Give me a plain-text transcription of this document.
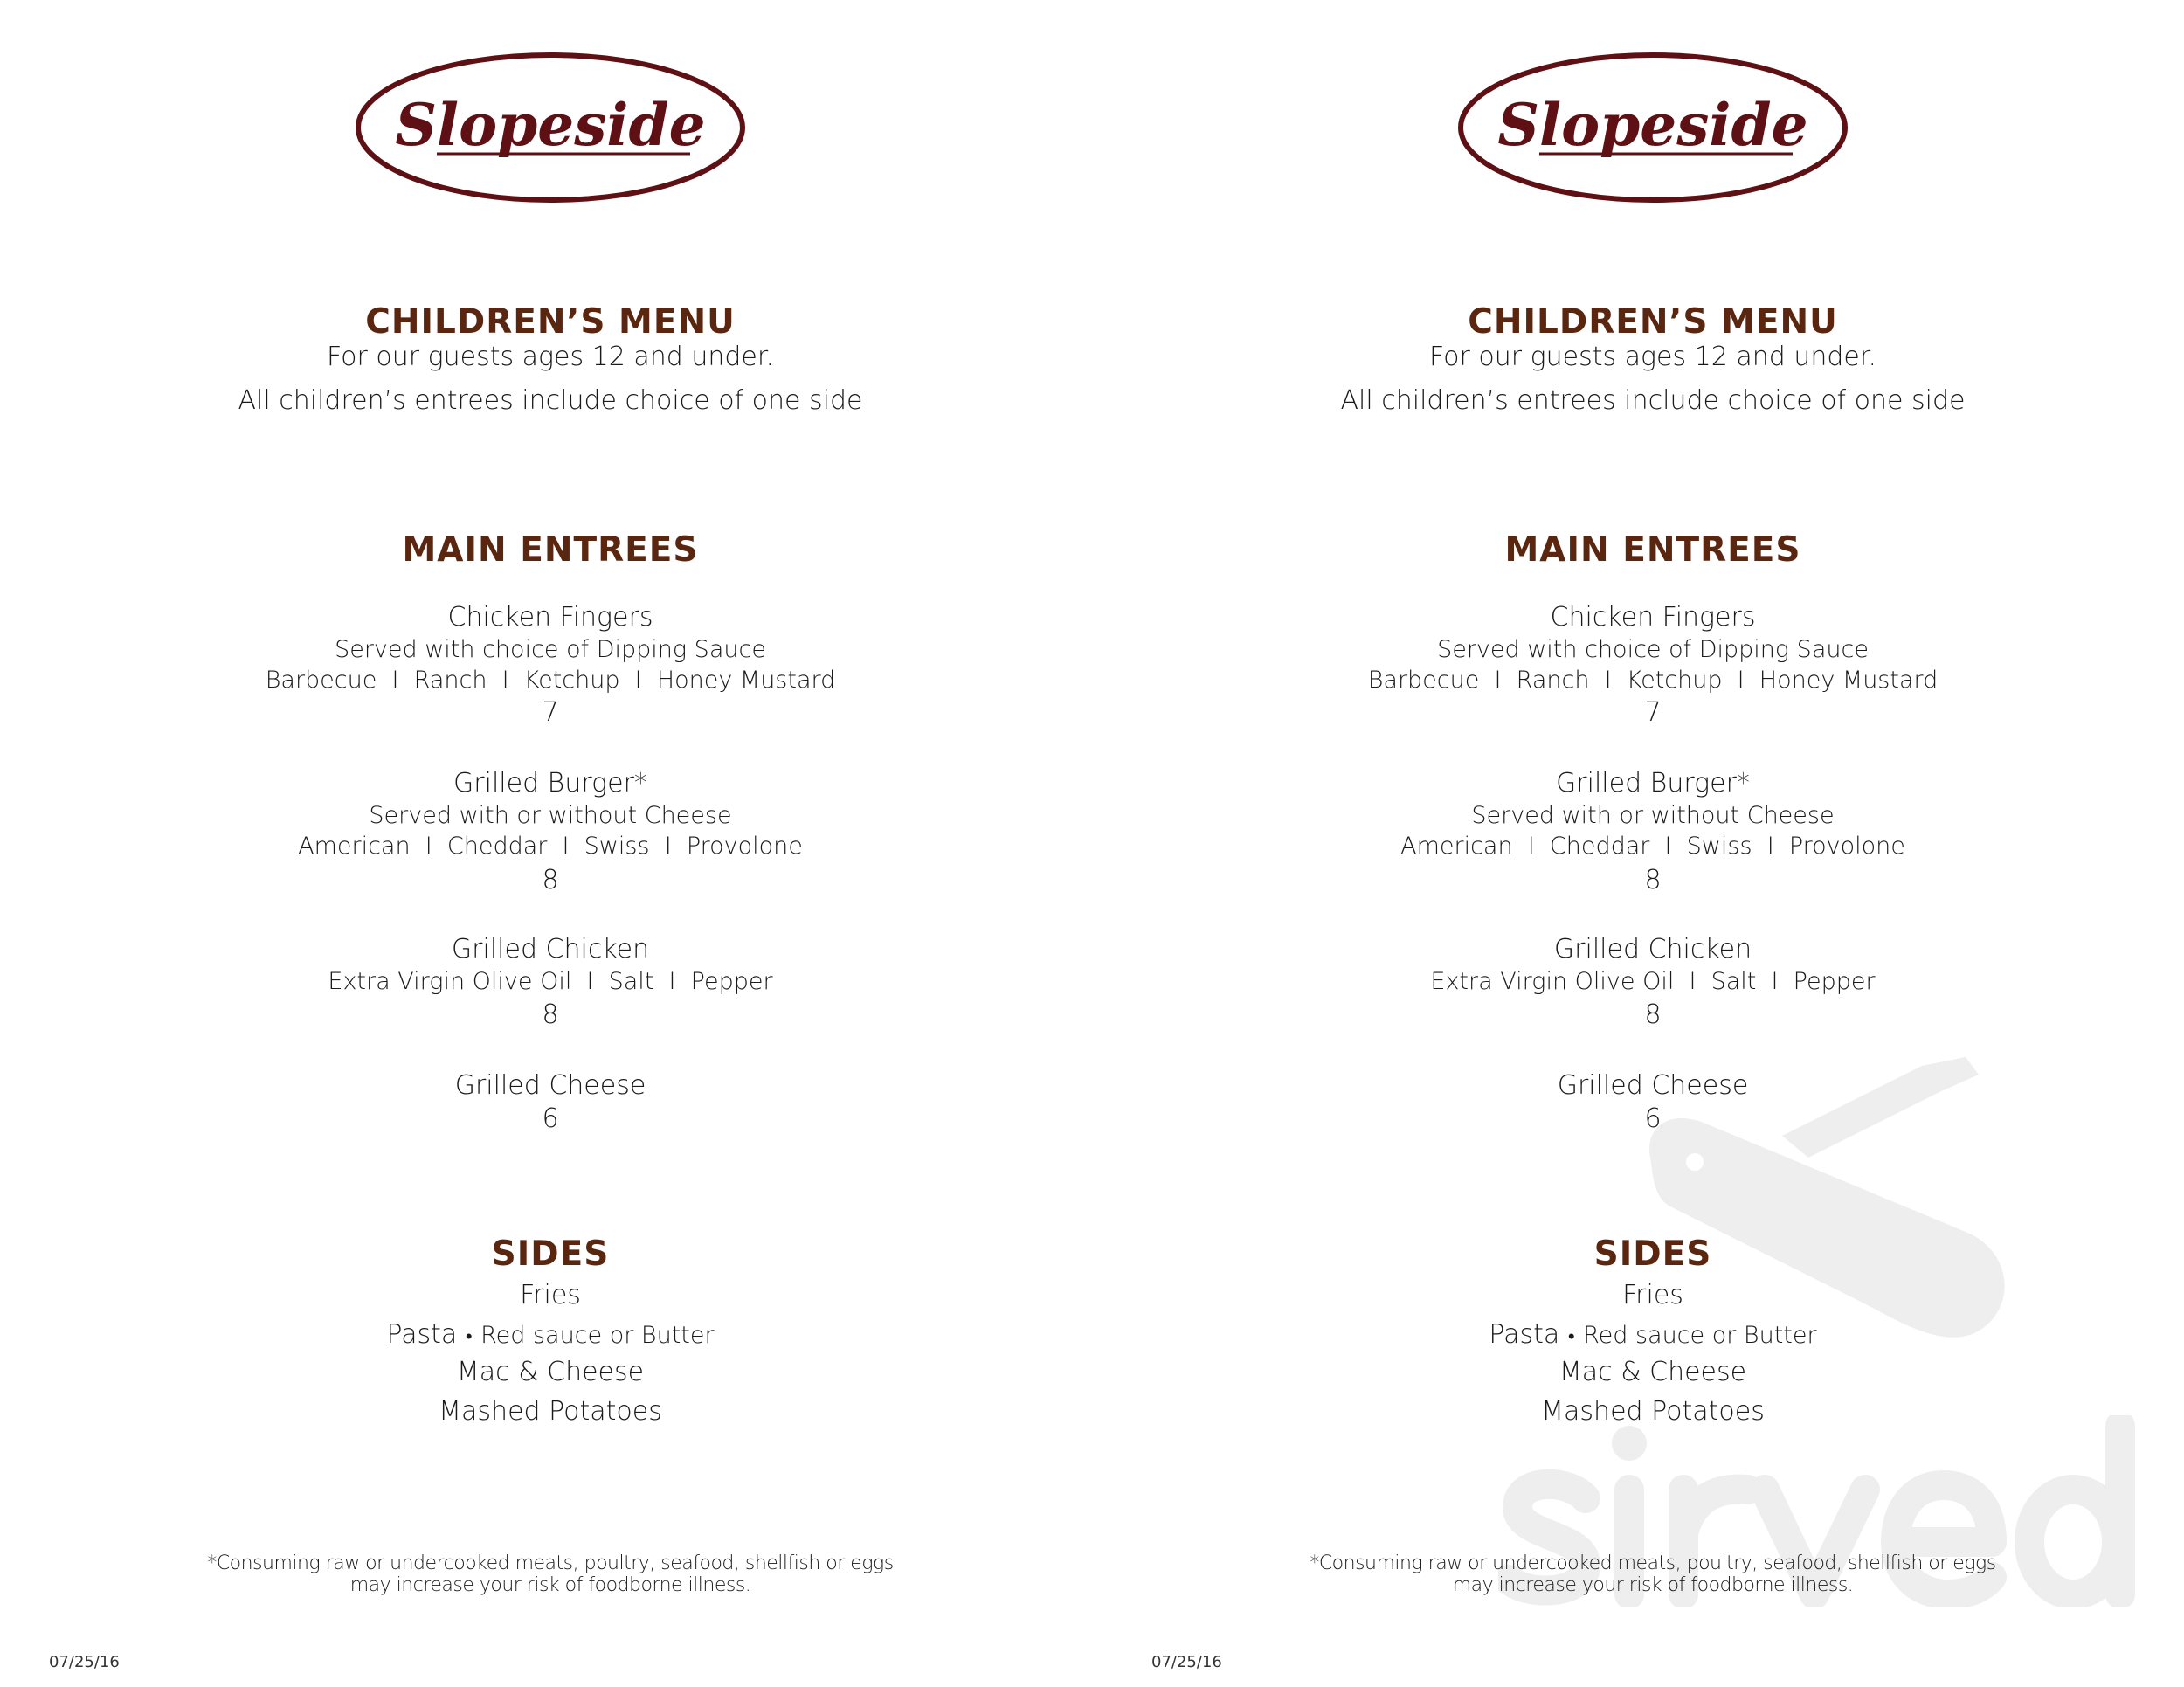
Slopeside
CHILDREN’S MENU
For our guests ages 12 and under.
All children’s entrees include choice of one side
MAIN ENTREES
Chicken Fingers
Served with choice of Dipping Sauce
Barbecue  I  Ranch  I  Ketchup  I  Honey Mustard
7
Grilled Burger*
Served with or without Cheese
American  I  Cheddar  I  Swiss  I  Provolone
8
Grilled Chicken
Extra Virgin Olive Oil  I  Salt  I  Pepper
8
Grilled Cheese
6
SIDES
Fries
Pasta • Red sauce or Butter
Mac & Cheese
Mashed Potatoes
*Consuming raw or undercooked meats, poultry, seafood, shellfish or eggs
may increase your risk of foodborne illness.
07/25/16
Slopeside
CHILDREN’S MENU
For our guests ages 12 and under.
All children’s entrees include choice of one side
MAIN ENTREES
Chicken Fingers
Served with choice of Dipping Sauce
Barbecue  I  Ranch  I  Ketchup  I  Honey Mustard
7
Grilled Burger*
Served with or without Cheese
American  I  Cheddar  I  Swiss  I  Provolone
8
Grilled Chicken
Extra Virgin Olive Oil  I  Salt  I  Pepper
8
Grilled Cheese
6
SIDES
Fries
Pasta • Red sauce or Butter
Mac & Cheese
Mashed Potatoes
*Consuming raw or undercooked meats, poultry, seafood, shellfish or eggs
may increase your risk of foodborne illness.
07/25/16
